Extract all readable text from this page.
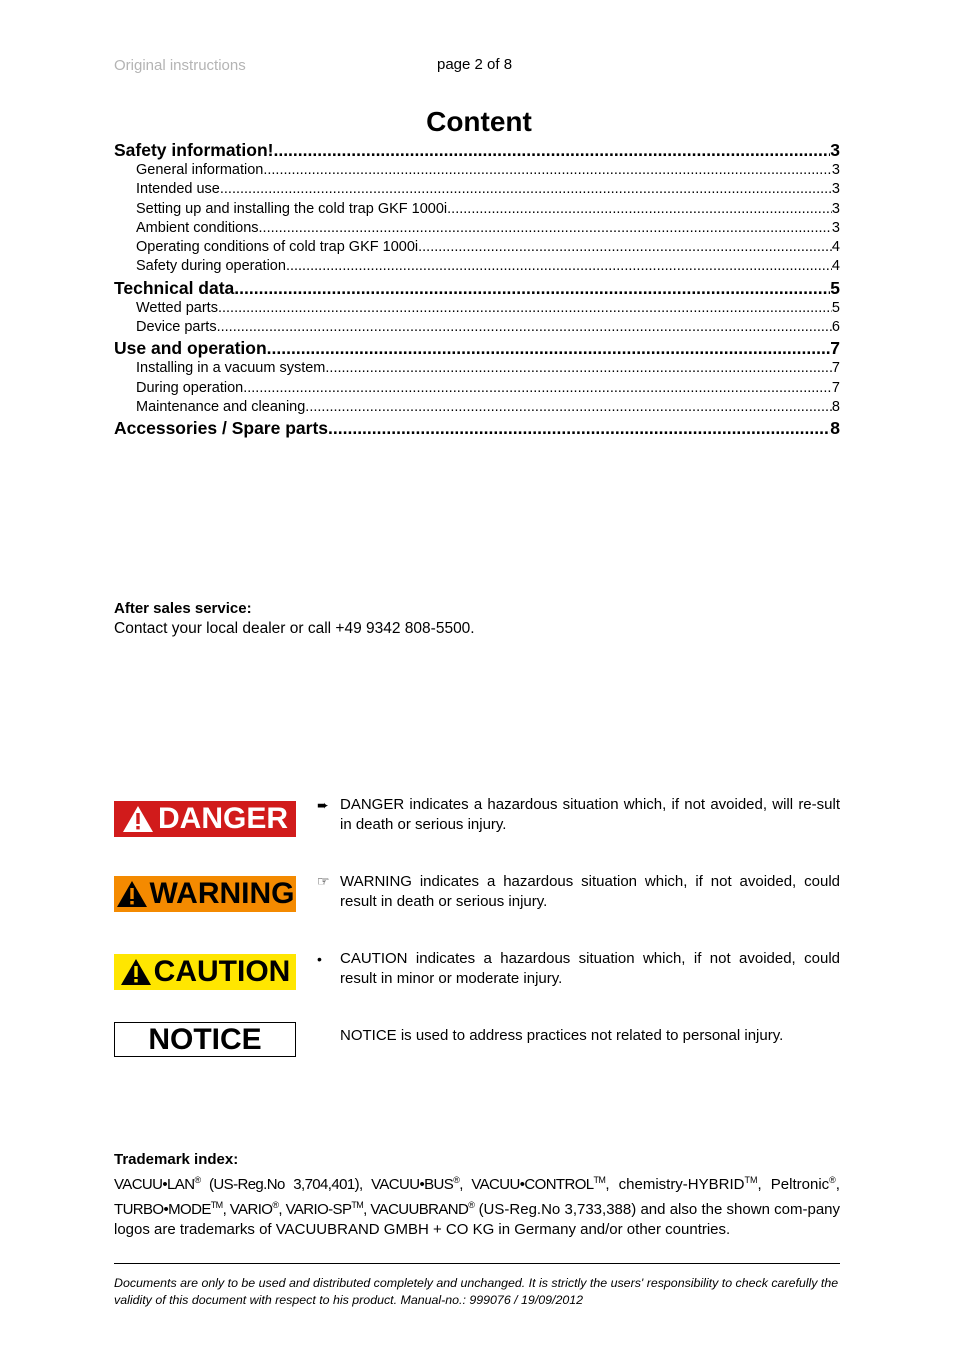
Original instructions	page 2 of 8
Content
Safety information! .....	3
General information .....	3
Intended use .....	3
Setting up and installing the cold trap GKF 1000i .....	3
Ambient conditions .....	3
Operating conditions of cold trap GKF 1000i .....	4
Safety during operation .....	4
Technical data .....	5
Wetted parts .....	5
Device parts .....	6
Use and operation .....	7
Installing in a vacuum system .....	7
During operation .....	7
Maintenance and cleaning .....	8
Accessories / Spare parts .....	8
After sales service:
Contact your local dealer or call +49 9342 808-5500.
DANGER ➨ DANGER indicates a hazardous situation which, if not avoided, will re-sult in death or serious injury.
WARNING ☞ WARNING indicates a hazardous situation which, if not avoided, could result in death or serious injury.
CAUTION • CAUTION indicates a hazardous situation which, if not avoided, could result in minor or moderate injury.
NOTICE	NOTICE is used to address practices not related to personal injury.
Trademark index:
VACUU•LAN® (US-Reg.No 3,704,401), VACUU•BUS®, VACUU•CONTROL™, chemistry-HYBRID™, Peltronic®, TURBO•MODE™, VARIO®, VARIO-SP™, VACUUBRAND® (US-Reg.No 3,733,388) and also the shown com-pany logos are trademarks of VACUUBRAND GMBH + CO KG in Germany and/or other countries.
Documents are only to be used and distributed completely and unchanged. It is strictly the users' responsibility to check carefully the validity of this document with respect to his product. Manual-no.: 999076 / 19/09/2012
